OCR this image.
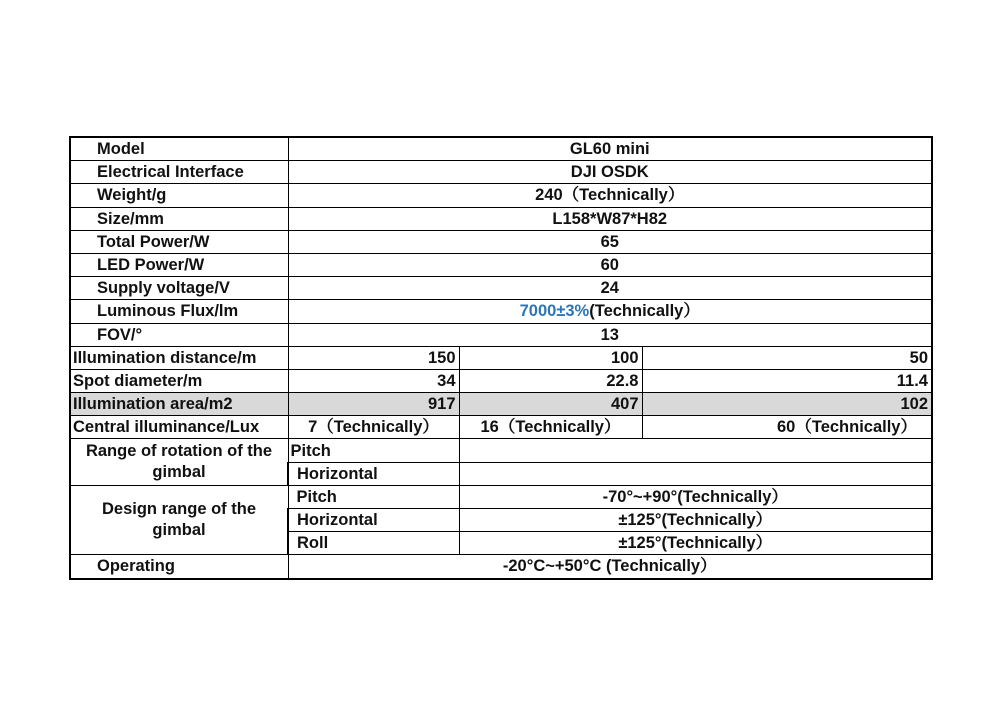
Model	GL60 mini		
Electrical Interface	DJI OSDK		
Weight/g	240（Technically）		
Size/mm	L158*W87*H82		
Total Power/W	65		
LED Power/W	60		
Supply voltage/V	24		
Luminous Flux/lm	7000±3%(Technically）		
FOV/°	13		
Illumination distance/m	150	100	50
Spot diameter/m	34	22.8	11.4
Illumination area/m2	917	407	102
Central illuminance/Lux	7（Technically）	16（Technically）	60（Technically）
Range of rotation of the gimbal	Pitch		
	Horizontal		
Design range of the gimbal	Pitch	-70°~+90°(Technically）	
	Horizontal	±125°(Technically）	
	Roll	±125°(Technically）	
Operating	-20°C~+50°C (Technically）		
